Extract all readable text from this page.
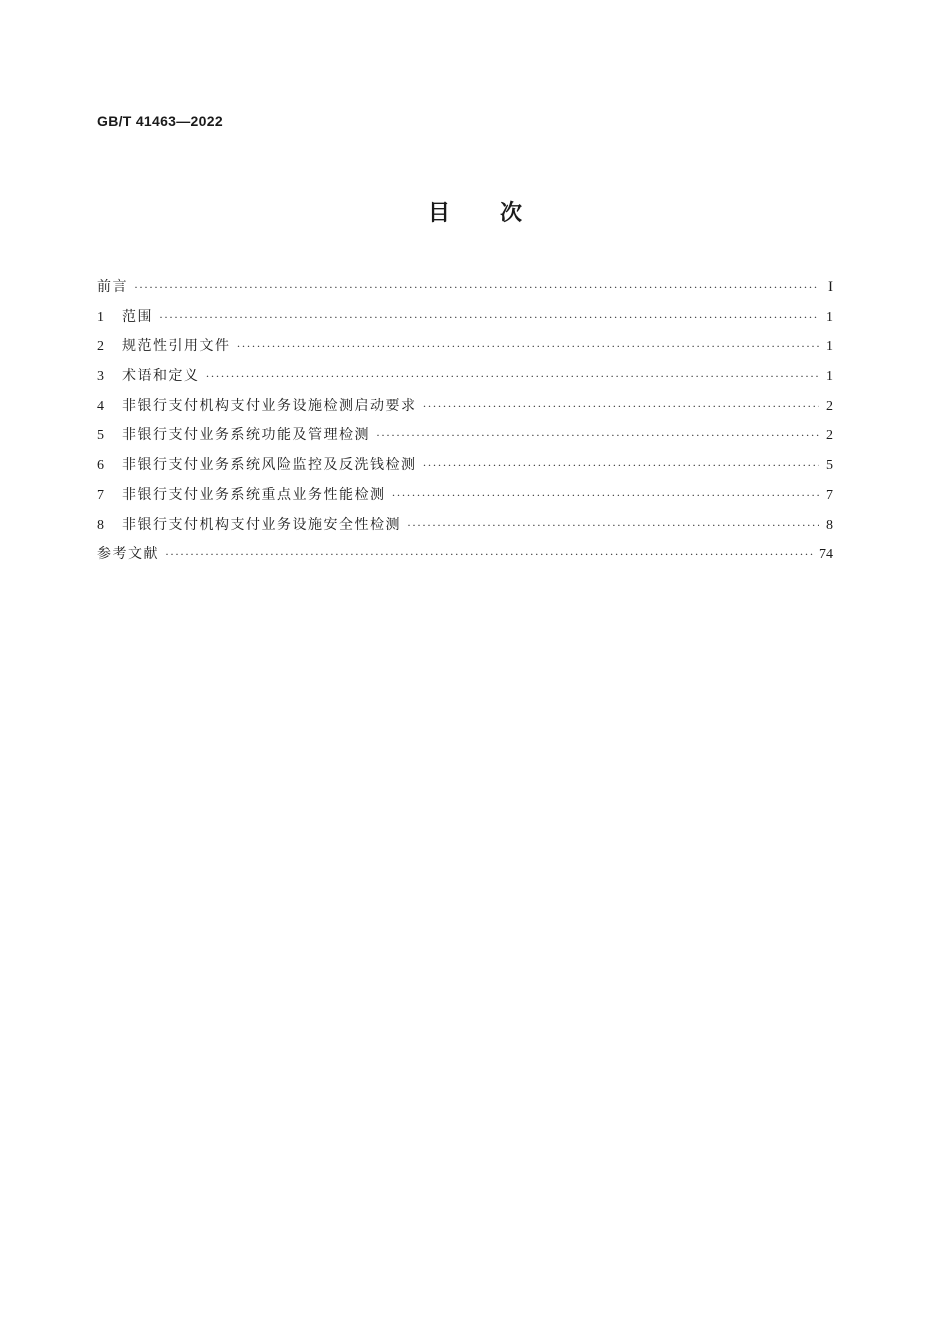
GB/T 41463—2022
目次
前言 ·····	I
1	范围 ·····	1
2	规范性引用文件 ·····	1
3	术语和定义 ·····	1
4	非银行支付机构支付业务设施检测启动要求 ·····	2
5	非银行支付业务系统功能及管理检测 ·····	2
6	非银行支付业务系统风险监控及反洗钱检测 ·····	5
7	非银行支付业务系统重点业务性能检测 ·····	7
8	非银行支付机构支付业务设施安全性检测 ·····	8
参考文献 ·····	74
